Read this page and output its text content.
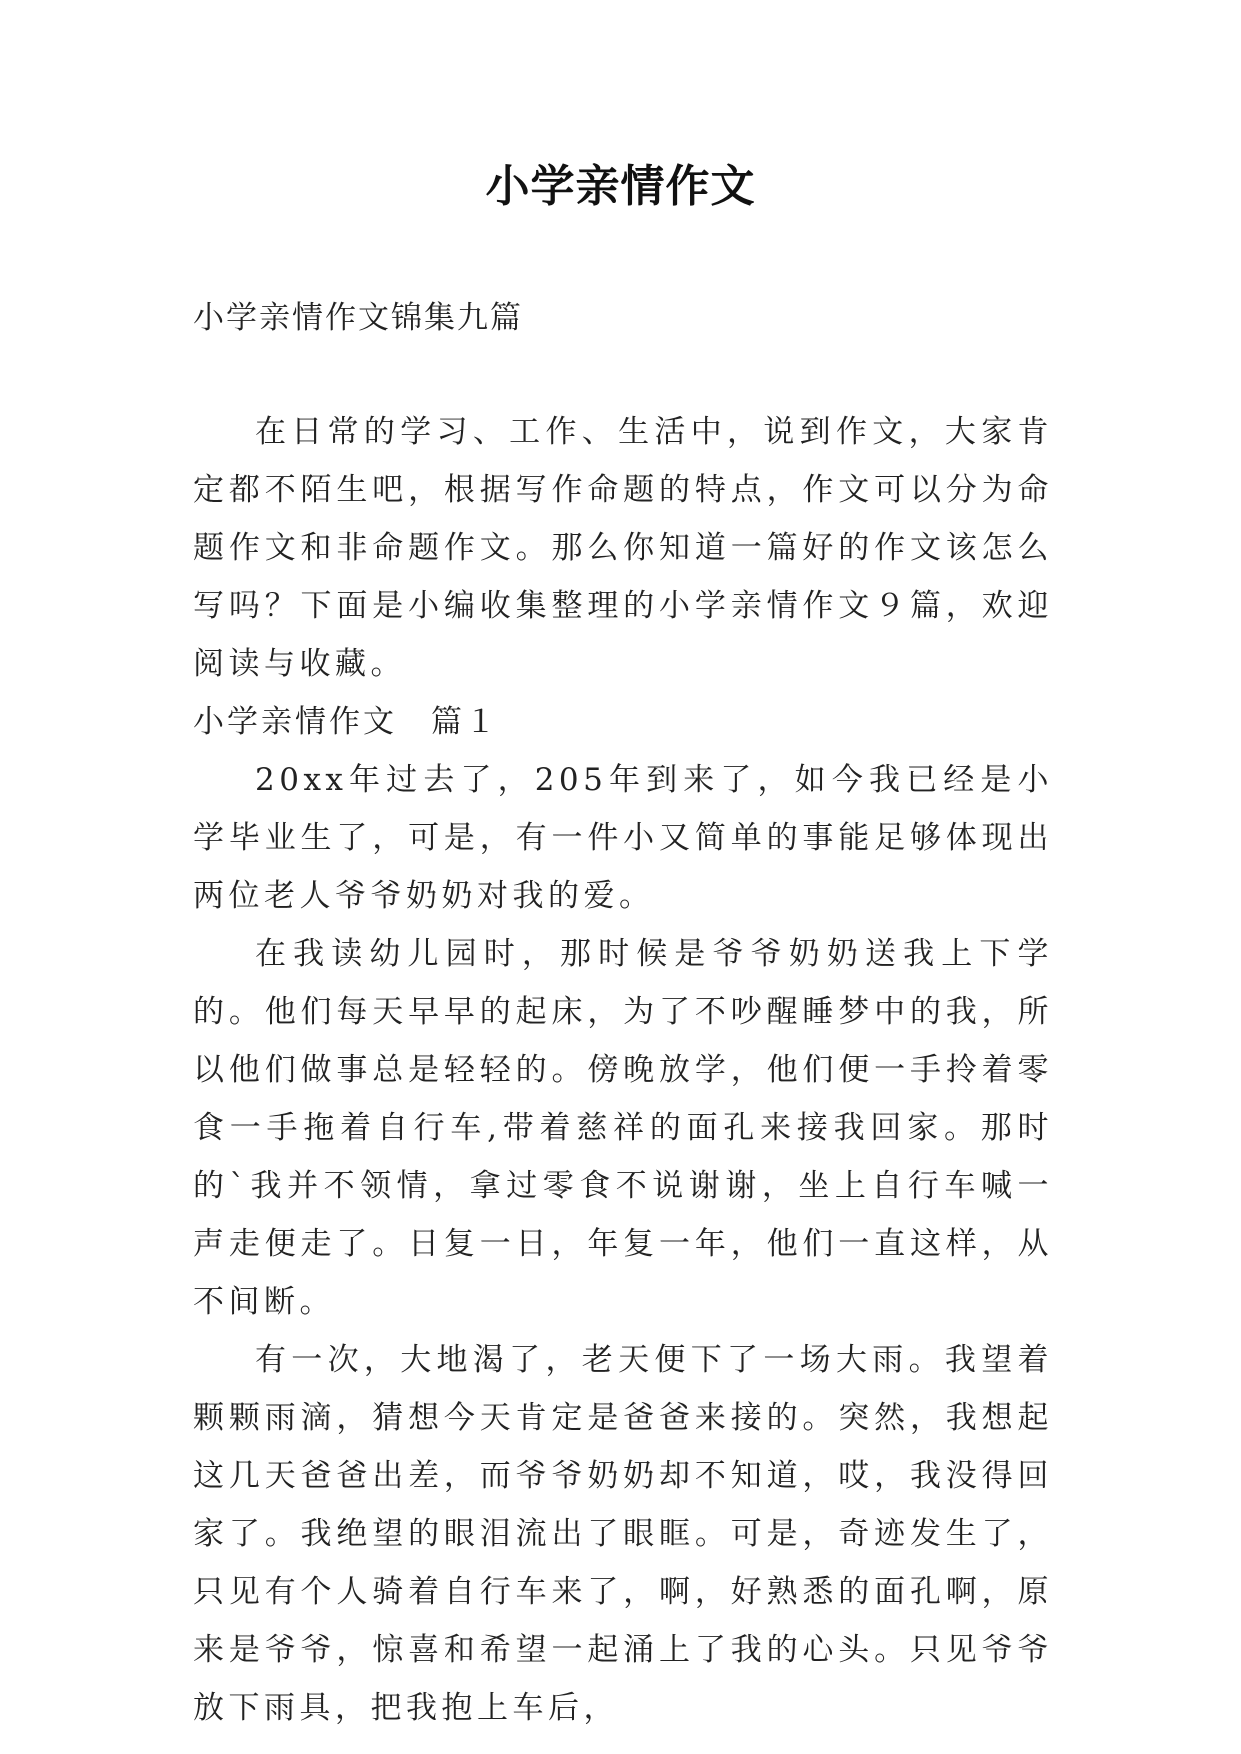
小学亲情作文

小学亲情作文锦集九篇

在日常的学习、工作、生活中，说到作文，大家肯定都不陌生吧，根据写作命题的特点，作文可以分为命题作文和非命题作文。那么你知道一篇好的作文该怎么写吗？下面是小编收集整理的小学亲情作文９篇，欢迎阅读与收藏。

小学亲情作文　篇１

20xx年过去了，205年到来了，如今我已经是小学毕业生了，可是，有一件小又简单的事能足够体现出两位老人爷爷奶奶对我的爱。

在我读幼儿园时，那时候是爷爷奶奶送我上下学的。他们每天早早的起床，为了不吵醒睡梦中的我，所以他们做事总是轻轻的。傍晚放学，他们便一手拎着零食一手拖着自行车,带着慈祥的面孔来接我回家。那时的`我并不领情，拿过零食不说谢谢，坐上自行车喊一声走便走了。日复一日，年复一年，他们一直这样，从不间断。

有一次，大地渴了，老天便下了一场大雨。我望着颗颗雨滴，猜想今天肯定是爸爸来接的。突然，我想起这几天爸爸出差，而爷爷奶奶却不知道，哎，我没得回家了。我绝望的眼泪流出了眼眶。可是，奇迹发生了，只见有个人骑着自行车来了，啊，好熟悉的面孔啊，原来是爷爷，惊喜和希望一起涌上了我的心头。只见爷爷放下雨具，把我抱上车后，
